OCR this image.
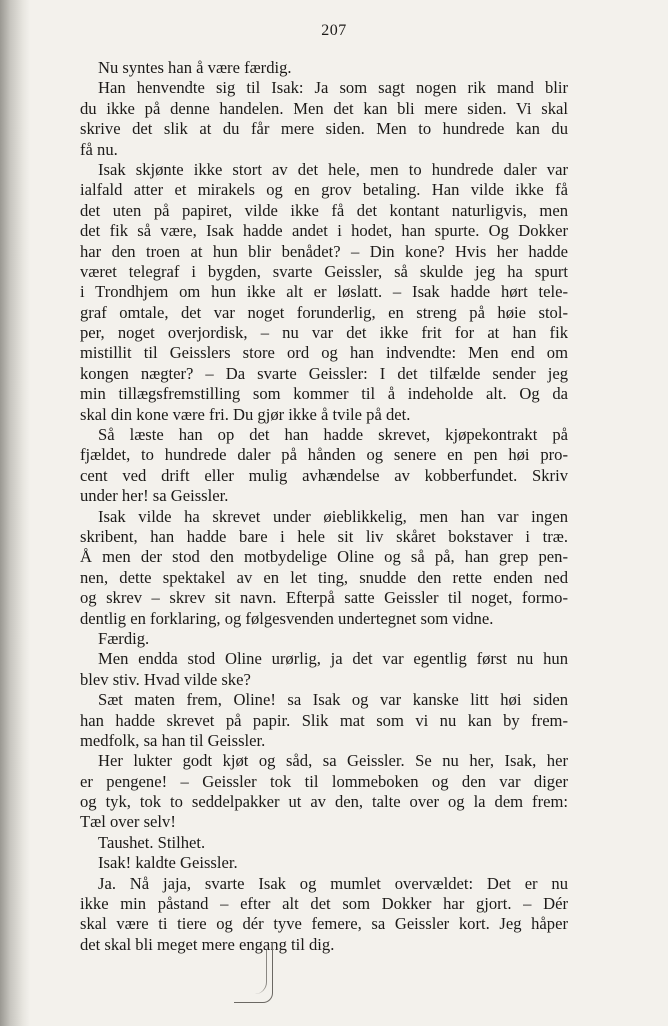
207
Nu syntes han å være færdig.
Han henvendte sig til Isak: Ja som sagt nogen rik mand blir
du ikke på denne handelen. Men det kan bli mere siden. Vi skal
skrive det slik at du får mere siden. Men to hundrede kan du
få nu.
Isak skjønte ikke stort av det hele, men to hundrede daler var
ialfald atter et mirakels og en grov betaling. Han vilde ikke få
det uten på papiret, vilde ikke få det kontant naturligvis, men
det fik så være, Isak hadde andet i hodet, han spurte. Og Dokker
har den troen at hun blir benådet? – Din kone? Hvis her hadde
været telegraf i bygden, svarte Geissler, så skulde jeg ha spurt
i Trondhjem om hun ikke alt er løslatt. – Isak hadde hørt tele-
graf omtale, det var noget forunderlig, en streng på høie stol-
per, noget overjordisk, – nu var det ikke frit for at han fik
mistillit til Geisslers store ord og han indvendte: Men end om
kongen nægter? – Da svarte Geissler: I det tilfælde sender jeg
min tillægsfremstilling som kommer til å indeholde alt. Og da
skal din kone være fri. Du gjør ikke å tvile på det.
Så læste han op det han hadde skrevet, kjøpekontrakt på
fjældet, to hundrede daler på hånden og senere en pen høi pro-
cent ved drift eller mulig avhændelse av kobberfundet. Skriv
under her! sa Geissler.
Isak vilde ha skrevet under øieblikkelig, men han var ingen
skribent, han hadde bare i hele sit liv skåret bokstaver i træ.
Å men der stod den motbydelige Oline og så på, han grep pen-
nen, dette spektakel av en let ting, snudde den rette enden ned
og skrev – skrev sit navn. Efterpå satte Geissler til noget, formo-
dentlig en forklaring, og følgesvenden undertegnet som vidne.
Færdig.
Men endda stod Oline urørlig, ja det var egentlig først nu hun
blev stiv. Hvad vilde ske?
Sæt maten frem, Oline! sa Isak og var kanske litt høi siden
han hadde skrevet på papir. Slik mat som vi nu kan by frem-
medfolk, sa han til Geissler.
Her lukter godt kjøt og såd, sa Geissler. Se nu her, Isak, her
er pengene! – Geissler tok til lommeboken og den var diger
og tyk, tok to seddelpakker ut av den, talte over og la dem frem:
Tæl over selv!
Taushet. Stilhet.
Isak! kaldte Geissler.
Ja. Nå jaja, svarte Isak og mumlet overvældet: Det er nu
ikke min påstand – efter alt det som Dokker har gjort. – Dér
skal være ti tiere og dér tyve femere, sa Geissler kort. Jeg håper
det skal bli meget mere engang til dig.
